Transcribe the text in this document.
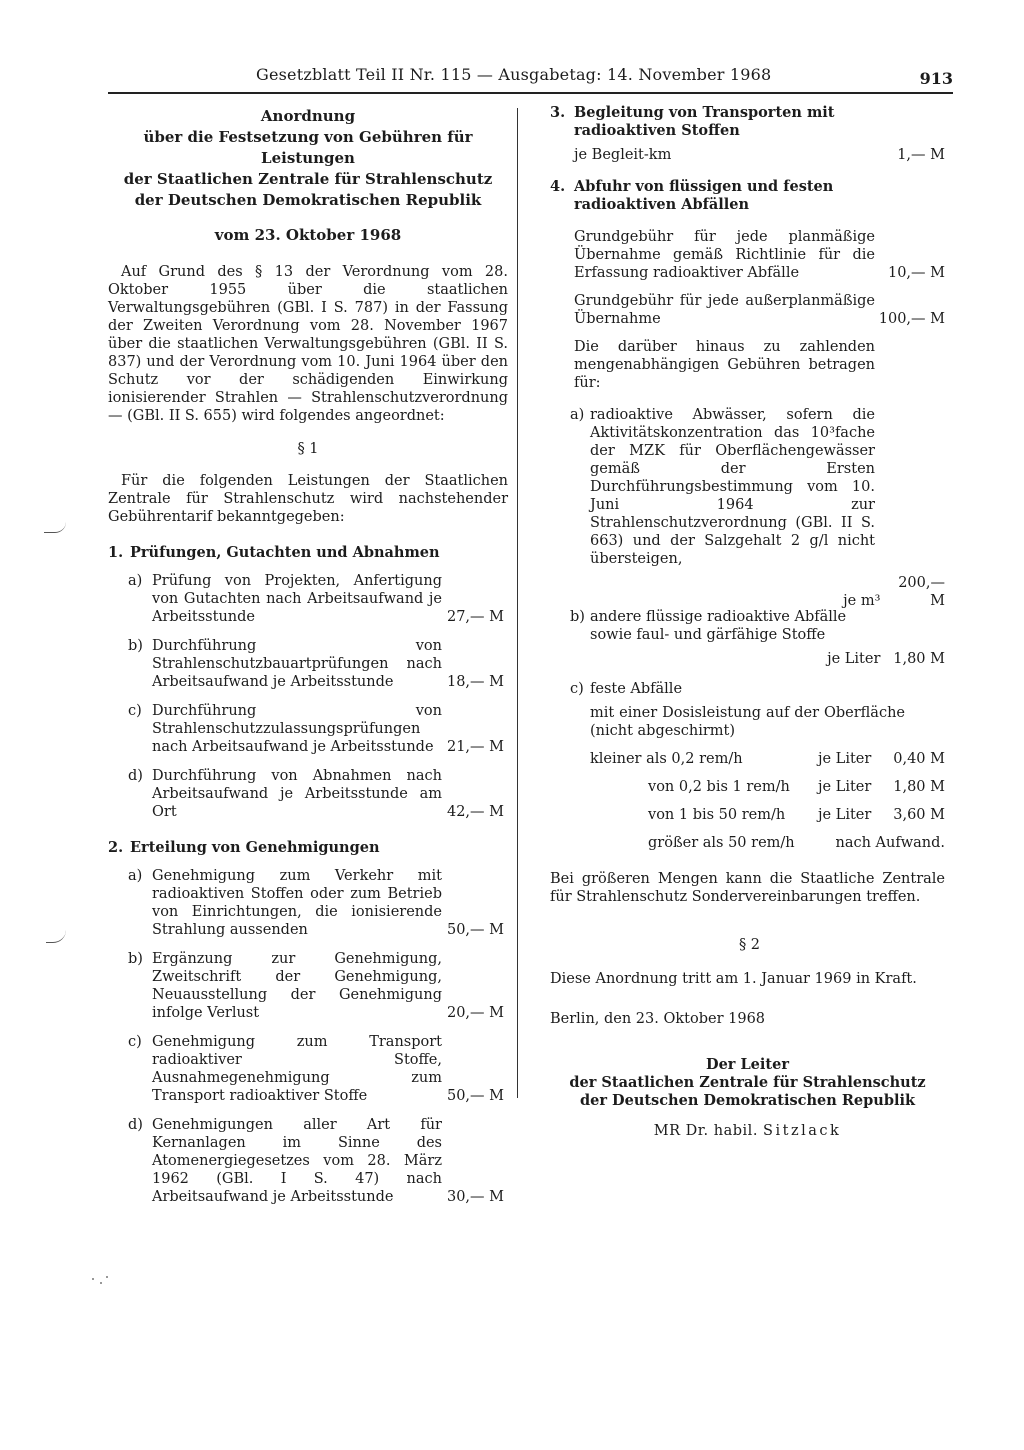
Gesetzblatt Teil II Nr. 115 — Ausgabetag: 14. November 1968	913
Anordnung
über die Festsetzung von Gebühren für Leistungen
der Staatlichen Zentrale für Strahlenschutz
der Deutschen Demokratischen Republik
vom 23. Oktober 1968

Auf Grund des § 13 der Verordnung vom 28. Oktober 1955 über die staatlichen Verwaltungsgebühren (GBl. I S. 787) in der Fassung der Zweiten Verordnung vom 28. November 1967 über die staatlichen Verwaltungsgebühren (GBl. II S. 837) und der Verordnung vom 10. Juni 1964 über den Schutz vor der schädigenden Einwirkung ionisierender Strahlen — Strahlenschutzverordnung — (GBl. II S. 655) wird folgendes angeordnet:

§ 1

Für die folgenden Leistungen der Staatlichen Zentrale für Strahlenschutz wird nachstehender Gebührentarif bekanntgegeben:

1. Prüfungen, Gutachten und Abnahmen
a) Prüfung von Projekten, Anfertigung von Gutachten nach Arbeitsaufwand je Arbeitsstunde	27,— M
b) Durchführung von Strahlenschutzbauartprüfungen nach Arbeitsaufwand je Arbeitsstunde	18,— M
c) Durchführung von Strahlenschutzzulassungsprüfungen nach Arbeitsaufwand je Arbeitsstunde 21,— M
d) Durchführung von Abnahmen nach Arbeitsaufwand je Arbeitsstunde am Ort	42,— M
2. Erteilung von Genehmigungen
a) Genehmigung zum Verkehr mit radioaktiven Stoffen oder zum Betrieb von Einrichtungen, die ionisierende Strahlung aussenden	50,— M
b) Ergänzung zur Genehmigung, Zweitschrift der Genehmigung, Neuausstellung der Genehmigung infolge Verlust	20,— M
c) Genehmigung zum Transport radioaktiver Stoffe, Ausnahmegenehmigung zum Transport radioaktiver Stoffe	50,— M
d) Genehmigungen aller Art für Kernanlagen im Sinne des Atomenergiegesetzes vom 28. März 1962 (GBl. I S. 47) nach Arbeitsaufwand je Arbeitsstunde	30,— M
3. Begleitung von Transporten mit radioaktiven Stoffen
je Begleit-km	1,— M
4. Abfuhr von flüssigen und festen radioaktiven Abfällen

Grundgebühr für jede planmäßige Übernahme gemäß Richtlinie für die Erfassung radioaktiver Abfälle	10,— M

Grundgebühr für jede außerplanmäßige Übernahme	100,— M

Die darüber hinaus zu zahlenden mengenabhängigen Gebühren betragen für:

a) radioaktive Abwässer, sofern die Aktivitätskonzentration das 10³fache der MZK für Oberflächengewässer gemäß der Ersten Durchführungsbestimmung vom 10. Juni 1964 zur Strahlenschutzverordnung (GBl. II S. 663) und der Salzgehalt 2 g/l nicht übersteigen,

je m³ 200,— M
b) andere flüssige radioaktive Abfälle sowie faul- und gärfähige Stoffe

je Liter 1,80 M
c) feste Abfälle

mit einer Dosisleistung auf der Oberfläche (nicht abgeschirmt)

kleiner als 0,2 rem/h	je Liter 0,40 M
von 0,2 bis 1 rem/h je Liter 1,80 M
von 1 bis 50 rem/h je Liter 3,60 M
größer als 50 rem/h	nach Aufwand.

Bei größeren Mengen kann die Staatliche Zentrale für Strahlenschutz Sondervereinbarungen treffen.

§ 2

Diese Anordnung tritt am 1. Januar 1969 in Kraft.

Berlin, den 23. Oktober 1968

Der Leiter
der Staatlichen Zentrale für Strahlenschutz
der Deutschen Demokratischen Republik
MR Dr. habil. Sitzlack
